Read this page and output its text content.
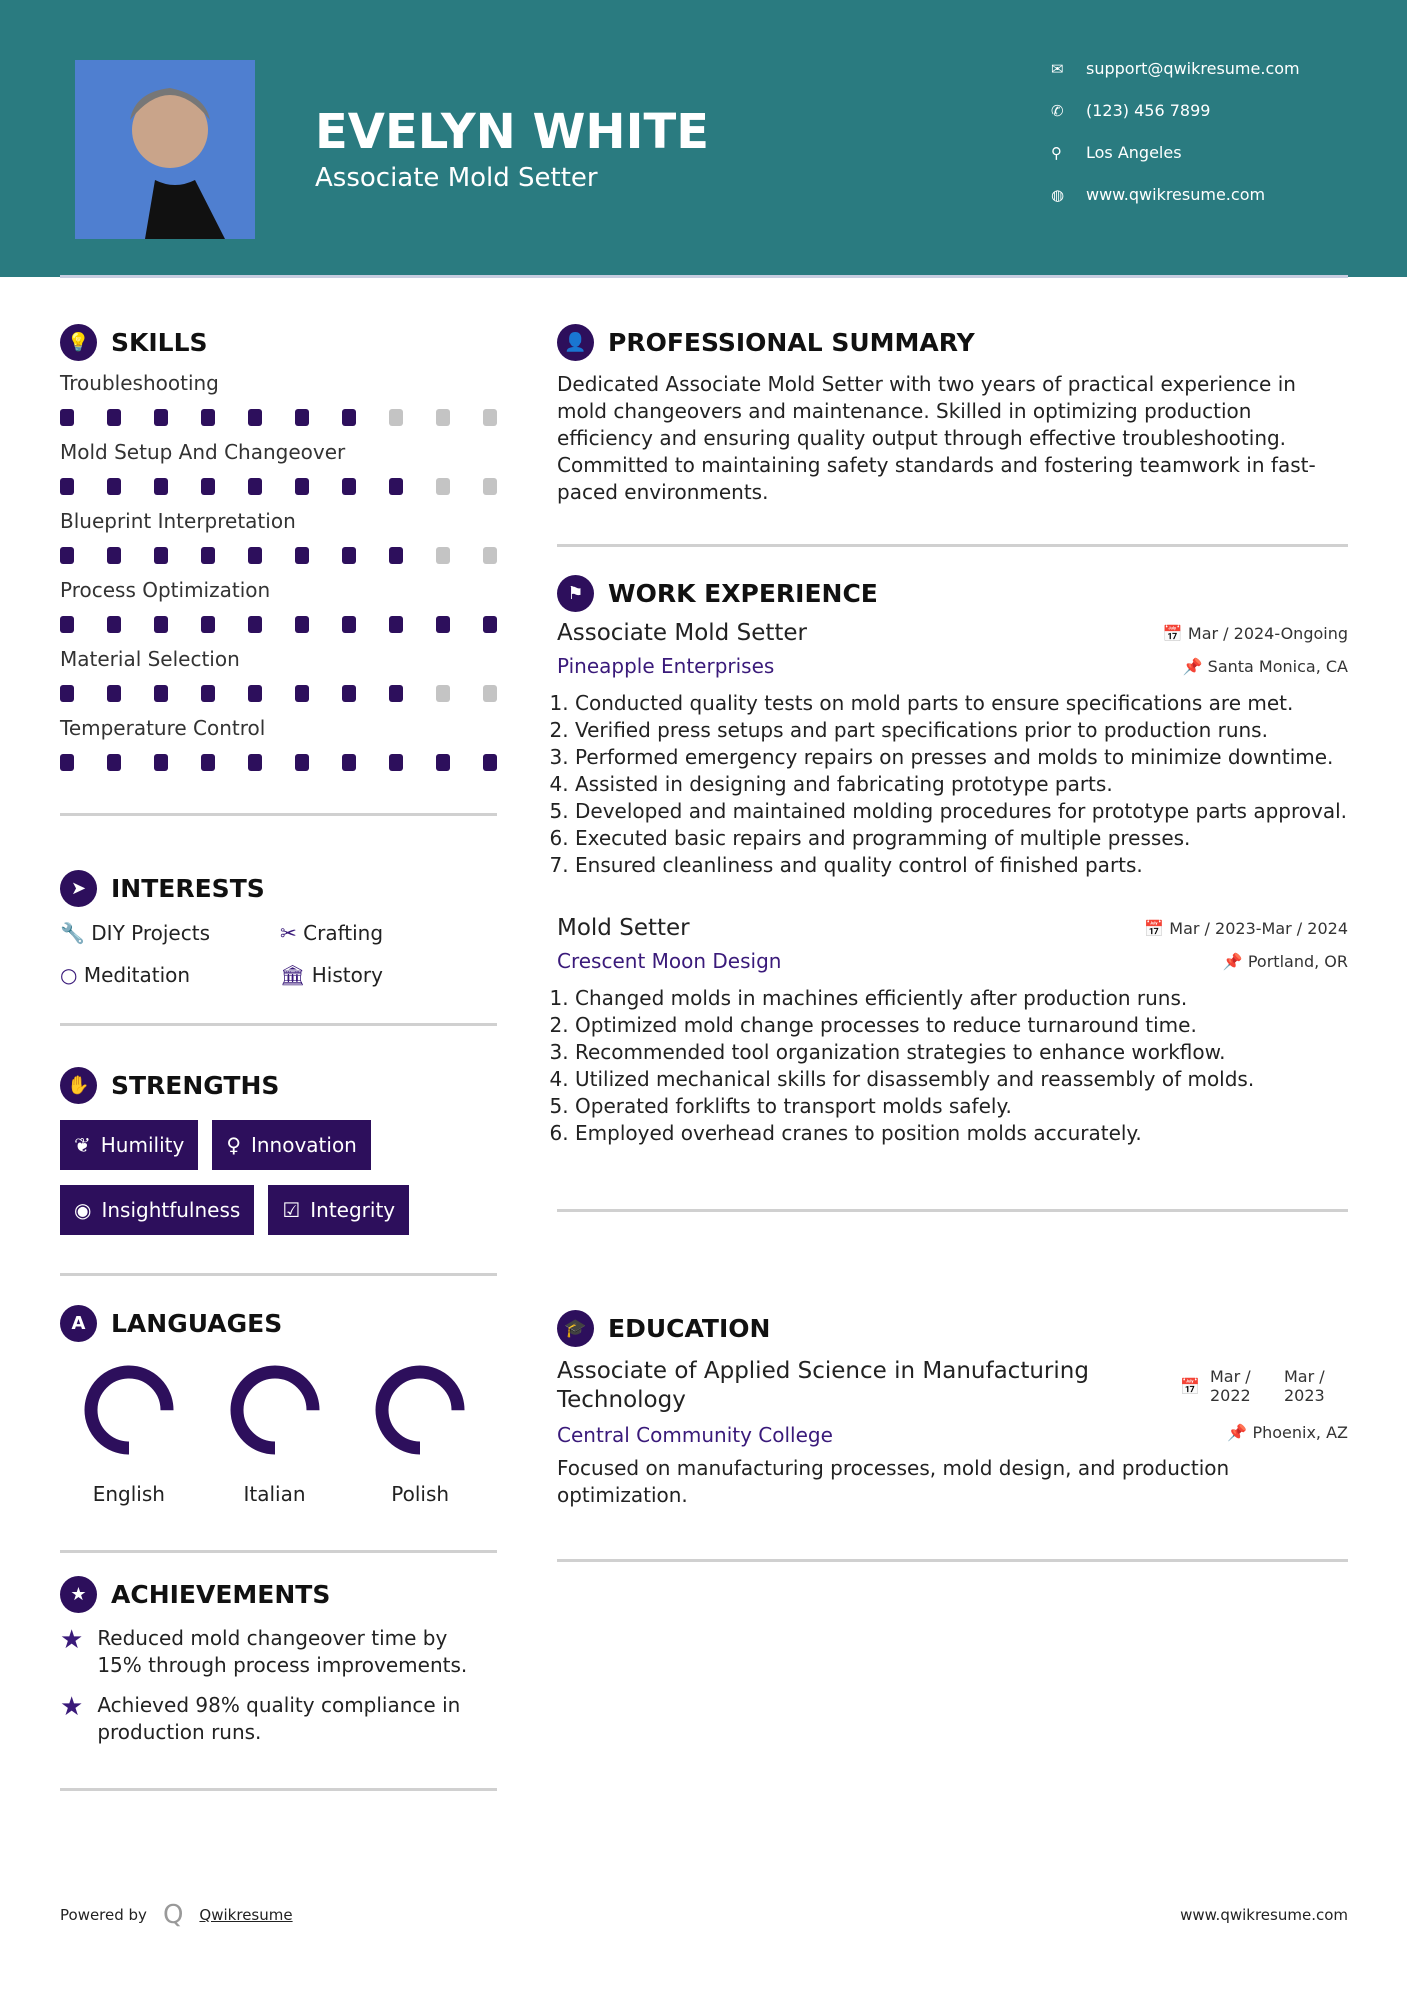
EVELYN WHITE
Associate Mold Setter
✉	support@qwikresume.com
✆	(123) 456 7899
⚲	Los Angeles
◍	www.qwikresume.com
💡 SKILLS
Troubleshooting
Mold Setup And Changeover
Blueprint Interpretation
Process Optimization
Material Selection
Temperature Control
➤ INTERESTS
🔧 DIY Projects	✂ Crafting
○ Meditation	🏛 History
✋ STRENGTHS
❦ Humility ♀ Innovation
◉ Insightfulness ☑ Integrity
A	LANGUAGES
English	Italian	Polish
★ ACHIEVEMENTS
★ Reduced mold changeover time by 15% through process improvements.
★ Achieved 98% quality compliance in production runs.
👤 PROFESSIONAL SUMMARY

Dedicated Associate Mold Setter with two years of practical experience in mold changeovers and maintenance. Skilled in optimizing production efficiency and ensuring quality output through effective troubleshooting. Committed to maintaining safety standards and fostering teamwork in fast-paced environments.

⚑ WORK EXPERIENCE
Associate Mold Setter	📅 Mar / 2024-Ongoing
Pineapple Enterprises	📌 Santa Monica, CA
1. Conducted quality tests on mold parts to ensure specifications are met.
2. Verified press setups and part specifications prior to production runs.
3. Performed emergency repairs on presses and molds to minimize downtime.
4. Assisted in designing and fabricating prototype parts.
5. Developed and maintained molding procedures for prototype parts approval.
6. Executed basic repairs and programming of multiple presses.
7. Ensured cleanliness and quality control of finished parts.
Mold Setter	📅 Mar / 2023-Mar / 2024
Crescent Moon Design	📌 Portland, OR
1. Changed molds in machines efficiently after production runs.
2. Optimized mold change processes to reduce turnaround time.
3. Recommended tool organization strategies to enhance workflow.
4. Utilized mechanical skills for disassembly and reassembly of molds.
5. Operated forklifts to transport molds safely.
6. Employed overhead cranes to position molds accurately.
🎓 EDUCATION
Associate of Applied Science in Manufacturing Technology
📅 Mar / 2022
Mar / 2023
Central Community College	📌 Phoenix, AZ

Focused on manufacturing processes, mold design, and production optimization.

Powered by Q Qwikresume	www.qwikresume.com
